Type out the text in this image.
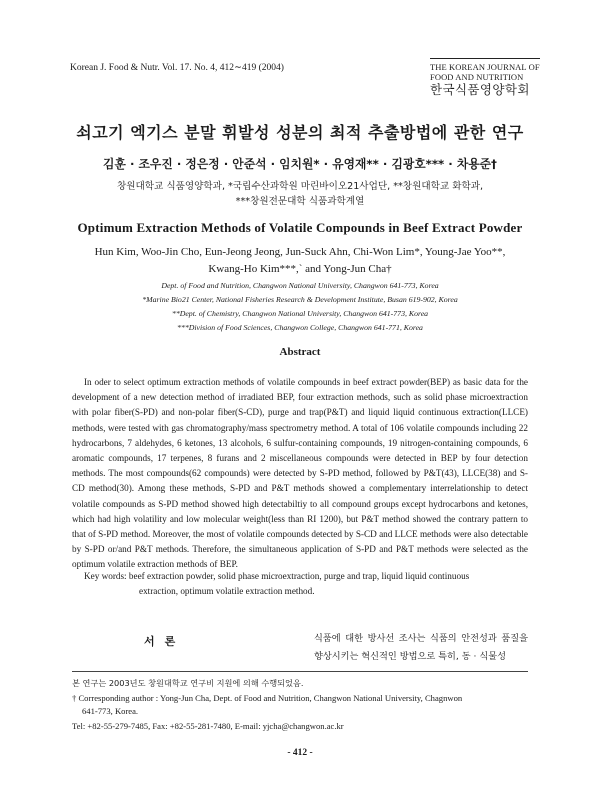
Korean J. Food & Nutr. Vol. 17. No. 4, 412∼419 (2004)	THE KOREAN JOURNAL OF
FOOD AND NUTRITION
한국식품영양학회
쇠고기 엑기스 분말 휘발성 성분의 최적 추출방법에 관한 연구
김훈 · 조우진 · 정은정 · 안준석 · 임치원* · 유영재** · 김광호*** · 차용준†
창원대학교 식품영양학과, *국립수산과학원 마린바이오21사업단, **창원대학교 화학과,
***창원전문대학 식품과학계열
Optimum Extraction Methods of Volatile Compounds in Beef Extract Powder
Hun Kim, Woo-Jin Cho, Eun-Jeong Jeong, Jun-Suck Ahn, Chi-Won Lim*, Young-Jae Yoo**,
Kwang-Ho Kim***,` and Yong-Jun Cha†
Dept. of Food and Nutrition, Changwon National University, Changwon 641-773, Korea
*Marine Bio21 Center, National Fisheries Research & Development Institute, Busan 619-902, Korea
**Dept. of Chemistry, Changwon National University, Changwon 641-773, Korea
***Division of Food Sciences, Changwon College, Changwon 641-771, Korea
Abstract

In oder to select optimum extraction methods of volatile compounds in beef extract powder(BEP) as basic data for the development of a new detection method of irradiated BEP, four extraction methods, such as solid phase microextraction with polar fiber(S-PD) and non-polar fiber(S-CD), purge and trap(P&T) and liquid liquid continuous extraction(LLCE) methods, were tested with gas chromatography/mass spectrometry method. A total of 106 volatile compounds including 22 hydrocarbons, 7 aldehydes, 6 ketones, 13 alcohols, 6 sulfur-containing compounds, 19 nitrogen-containing compounds, 6 aromatic compounds, 17 terpenes, 8 furans and 2 miscellaneous compounds were detected in BEP by four detection methods. The most compounds(62 compounds) were detected by S-PD method, followed by P&T(43), LLCE(38) and S-CD method(30). Among these methods, S-PD and P&T methods showed a complementary interrelationship to detect volatile compounds as S-PD method showed high detectabiltiy to all compound groups except hydrocarbons and ketones, which had high volatility and low molecular weight(less than RI 1200), but P&T method showed the contrary pattern to that of S-PD method. Moreover, the most of volatile compounds detected by S-CD and LLCE methods were also detectable by S-PD or/and P&T methods. Therefore, the simultaneous application of S-PD and P&T methods were selected as the optimum volatile extraction methods of BEP.

Key words: beef extraction powder, solid phase microextraction, purge and trap, liquid liquid continuous
extraction, optimum volatile extraction method.

서론	식품에 대한 방사선 조사는 식품의 안전성과 품질을 향상시키는 혁신적인 방법으로 특히, 동 · 식물성
본 연구는 2003년도 창원대학교 연구비 지원에 의해 수행되었음.
† Corresponding author : Yong-Jun Cha, Dept. of Food and Nutrition, Changwon National University, Chagnwon
641-773, Korea.
Tel: +82-55-279-7485, Fax: +82-55-281-7480, E-mail: yjcha@changwon.ac.kr
- 412 -
